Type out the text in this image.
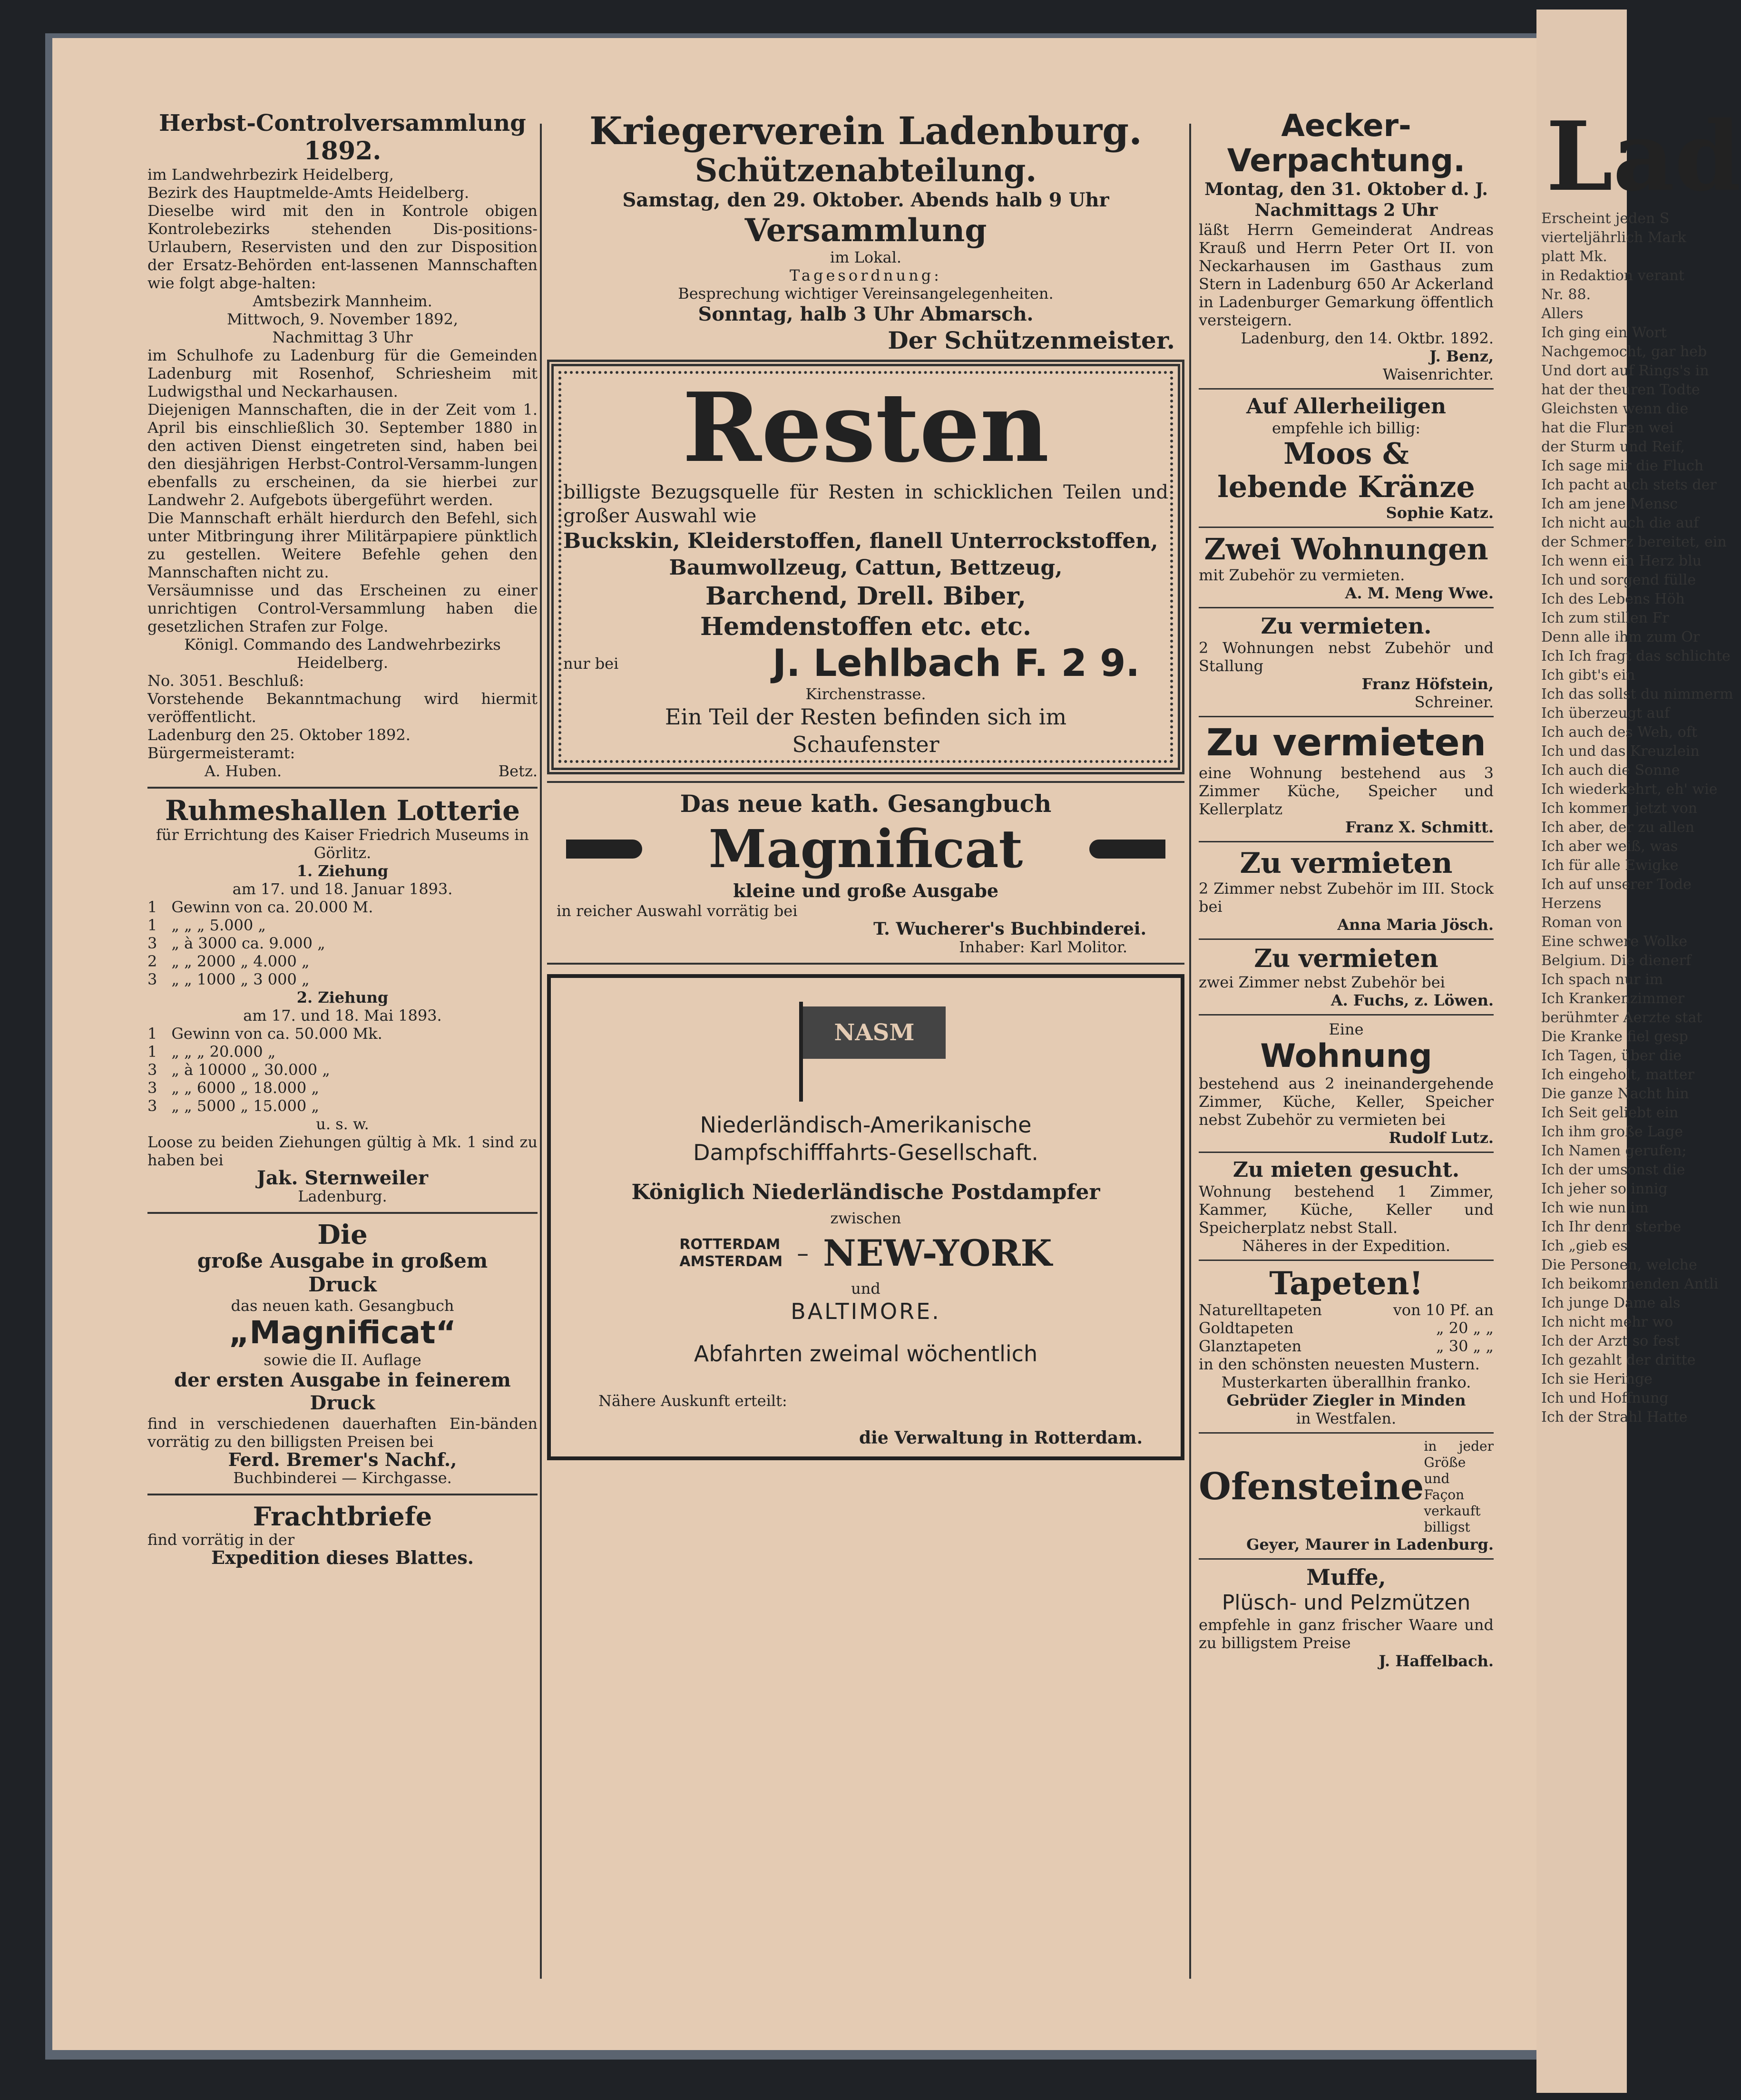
Lad
Erscheint jeden S
vierteljährlich Mark
platt Mk.
in Redaktion verant
Nr. 88.
Allers
Ich ging ein Wort
Nachgemocht, gar heb
Und dort auf Rings's in
hat der theuren Todte
Gleichsten wenn die
hat die Fluren wei
der Sturm und Reif,
Ich sage mir die Fluch
Ich pacht auch stets der
Ich am jene Mensc
Ich nicht auch die auf
der Schmerz bereitet, ein
Ich wenn ein Herz blu
Ich und sorgend fülle
Ich des Lebens Höh
Ich zum stillen Fr
Denn alle ihm zum Or
Ich Ich fragt das schlichte
Ich gibt's ein
Ich das sollst du nimmerm
Ich überzeugt auf
Ich auch des Weh, oft
Ich und das Kreuzlein
Ich auch die Sonne
Ich wiederkehrt, eh' wie
Ich kommen jetzt von
Ich aber, der zu allen
Ich aber weiß, was
Ich für alle Ewigke
Ich auf unserer Tode
Herzens
Roman von
Eine schwere Wolke
Belgium. Die dienerf
Ich spach nur im
Ich Krankenzimmer
berühmter Aerzte stat
Die Kranke fiel gesp
Ich Tagen, über die
Ich eingeholt, matter
Die ganze Nacht hin
Ich Seit geliebt ein
Ich ihm große Lage
Ich Namen gerufen;
Ich der umsonst die
Ich jeher so innig
Ich wie nun im
Ich Ihr denn sterbe
Ich „gieb es
Die Personen, welche
Ich beikommenden Antli
Ich junge Dame als
Ich nicht mehr wo
Ich der Arzt so fest
Ich gezahlt der dritte
Ich sie Heringe
Ich und Hoffnung
Ich der Strahl Hatte

Herbst-Controlversammlung

1892.

im Landwehrbezirk Heidelberg,

Bezirk des Hauptmelde-Amts Heidelberg.

Dieselbe wird mit den in Kontrole obigen Kontrolebezirks stehenden Dis-positions-Urlaubern, Reservisten und den zur Disposition der Ersatz-Behörden ent-lassenen Mannschaften wie folgt abge-halten:

Amtsbezirk Mannheim.

Mittwoch, 9. November 1892,

Nachmittag 3 Uhr

im Schulhofe zu Ladenburg für die Gemeinden Ladenburg mit Rosenhof, Schriesheim mit Ludwigsthal und Neckarhausen.

Diejenigen Mannschaften, die in der Zeit vom 1. April bis einschließlich 30. September 1880 in den activen Dienst eingetreten sind, haben bei den diesjährigen Herbst-Control-Versamm-lungen ebenfalls zu erscheinen, da sie hierbei zur Landwehr 2. Aufgebots übergeführt werden.

Die Mannschaft erhält hierdurch den Befehl, sich unter Mitbringung ihrer Militärpapiere pünktlich zu gestellen. Weitere Befehle gehen den Mannschaften nicht zu.

Versäumnisse und das Erscheinen zu einer unrichtigen Control-Versammlung haben die gesetzlichen Strafen zur Folge.

Königl. Commando des Landwehrbezirks Heidelberg.

No. 3051. Beschluß:

Vorstehende Bekanntmachung wird hiermit veröffentlicht.

Ladenburg den 25. Oktober 1892.

Bürgermeisteramt:

A. Huben.	Betz.

Ruhmeshallen Lotterie

für Errichtung des Kaiser Friedrich Museums in Görlitz.

1. Ziehung

am 17. und 18. Januar 1893.

1 Gewinn von ca. 20.000 M.
1 „ „ „ 5.000 „
3 „ à 3000 ca. 9.000 „
2 „ „ 2000 „ 4.000 „
3 „ „ 1000 „ 3 000 „

2. Ziehung

am 17. und 18. Mai 1893.

1 Gewinn von ca. 50.000 Mk.
1 „ „ „ 20.000 „
3 „ à 10000 „ 30.000 „
3 „ „ 6000 „ 18.000 „
3 „ „ 5000 „ 15.000 „

u. s. w.

Loose zu beiden Ziehungen gültig à Mk. 1 sind zu haben bei

Jak. Sternweiler

Ladenburg.

Die

große Ausgabe in großem

Druck

das neuen kath. Gesangbuch

„Magnificat“

sowie die II. Auflage

der ersten Ausgabe in feinerem

Druck

find in verschiedenen dauerhaften Ein-bänden vorrätig zu den billigsten Preisen bei

Ferd. Bremer's Nachf.,

Buchbinderei — Kirchgasse.

Frachtbriefe

find vorrätig in der

Expedition dieses Blattes.

Kriegerverein Ladenburg.

Schützenabteilung.

Samstag, den 29. Oktober. Abends halb 9 Uhr

Versammlung

im Lokal.

Tagesordnung:

Besprechung wichtiger Vereinsangelegenheiten.

Sonntag, halb 3 Uhr Abmarsch.

Der Schützenmeister.

Resten

billigste Bezugsquelle für Resten in schicklichen Teilen und großer Auswahl wie

Buckskin, Kleiderstoffen, flanell Unterrockstoffen,

Baumwollzeug, Cattun, Bettzeug,

Barchend, Drell. Biber,

Hemdenstoffen etc. etc.

nur bei	J. Lehlbach F. 2 9.

Kirchenstrasse.

Ein Teil der Resten befinden sich im

Schaufenster

Das neue kath. Gesangbuch

Magnificat

kleine und große Ausgabe

in reicher Auswahl vorrätig bei

T. Wucherer's Buchbinderei.

Inhaber: Karl Molitor.

NASM

Niederländisch-Amerikanische

Dampfschifffahrts-Gesellschaft.

Königlich Niederländische Postdampfer

zwischen

ROTTERDAM
AMSTERDAM – NEW-YORK

und

BALTIMORE.

Abfahrten zweimal wöchentlich

Nähere Auskunft erteilt:

die Verwaltung in Rotterdam.

Aecker-

Verpachtung.

Montag, den 31. Oktober d. J. Nachmittags 2 Uhr

läßt Herrn Gemeinderat Andreas Krauß und Herrn Peter Ort II. von Neckarhausen im Gasthaus zum Stern in Ladenburg 650 Ar Ackerland in Ladenburger Gemarkung öffentlich versteigern.

Ladenburg, den 14. Oktbr. 1892.

J. Benz,

Waisenrichter.

Auf Allerheiligen

empfehle ich billig:

Moos &

lebende Kränze

Sophie Katz.

Zwei Wohnungen

mit Zubehör zu vermieten.

A. M. Meng Wwe.

Zu vermieten.

2 Wohnungen nebst Zubehör und Stallung

Franz Höfstein,

Schreiner.

Zu vermieten

eine Wohnung bestehend aus 3 Zimmer Küche, Speicher und Kellerplatz

Franz X. Schmitt.

Zu vermieten

2 Zimmer nebst Zubehör im III. Stock bei

Anna Maria Jösch.

Zu vermieten

zwei Zimmer nebst Zubehör bei

A. Fuchs, z. Löwen.

Eine

Wohnung

bestehend aus 2 ineinandergehende Zimmer, Küche, Keller, Speicher nebst Zubehör zu vermieten bei

Rudolf Lutz.

Zu mieten gesucht.

Wohnung bestehend 1 Zimmer, Kammer, Küche, Keller und Speicherplatz nebst Stall.

Näheres in der Expedition.

Tapeten!

Naturelltapeten	von 10 Pf. an
Goldtapeten	„ 20 „ „
Glanztapeten	„ 30 „ „

in den schönsten neuesten Mustern.

Musterkarten überallhin franko.

Gebrüder Ziegler in Minden

in Westfalen.

Ofensteine
in jeder Größe und Façon verkauft billigst

Geyer, Maurer in Ladenburg.

Muffe,

Plüsch- und Pelzmützen

empfehle in ganz frischer Waare und zu billigstem Preise

J. Haffelbach.
